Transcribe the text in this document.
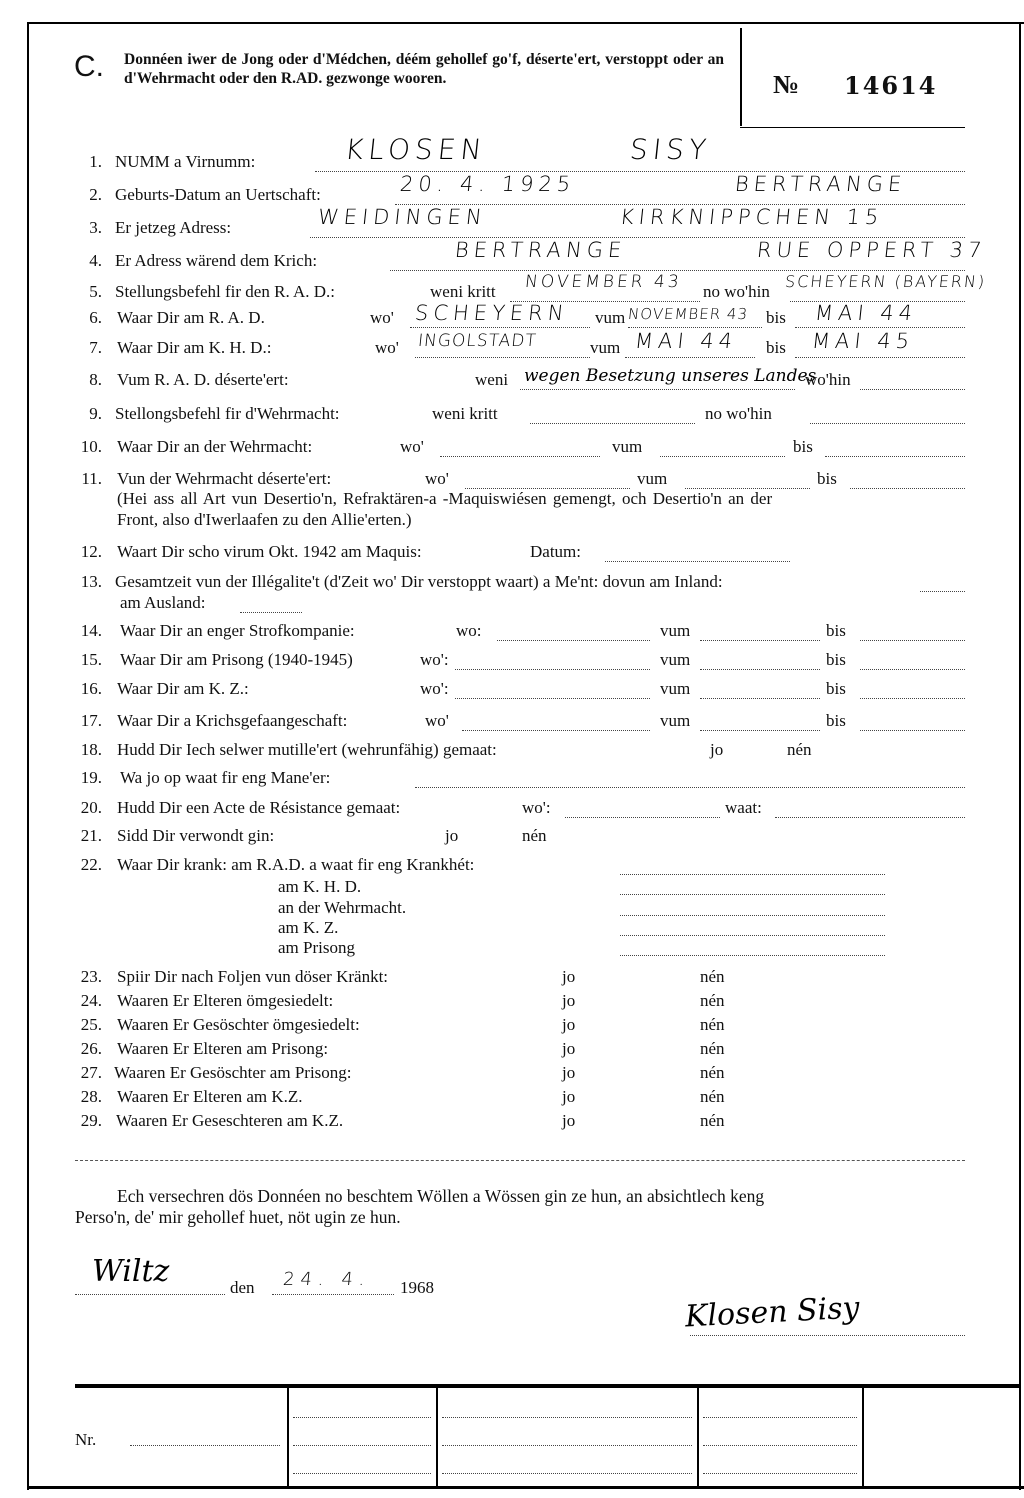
C. Donnéen iwer de Jong oder d'Médchen, déém gehollef go'f, déserte'ert, verstoppt oder an d'Wehrmacht oder den R.AD. gezwonge wooren.	№ 14614
1. NUMM a Virnumm:	KLOSEN	SISY
2. Geburts-Datum an Uertschaft:	20. 4. 1925	BERTRANGE
3. Er jetzeg Adress:	WEIDINGEN	KIRKNIPPCHEN 15
4. Er Adress wärend dem Krich:	BERTRANGE	RUE OPPERT 37
5. Stellungsbefehl fir den R. A. D.:	weni kritt NOVEMBER 43 no wo'hin
SCHEYERN (BAYERN)
6. Waar Dir am R. A. D.	wo' SCHEYERN vum NOVEMBER 43 bis MAI 44
7. Waar Dir am K. H. D.:	wo' INGOLSTADT	vum MAI 44 bis MAI 45
8. Vum R. A. D. déserte'ert:	weni wegen Besetzung unseres Landes
wo'hin
9. Stellongsbefehl fir d'Wehrmacht:	weni kritt	no wo'hin
10. Waar Dir an der Wehrmacht:	wo'	vum	bis
11. Vun der Wehrmacht déserte'ert:	wo'	vum	bis
(Hei ass all Art vun Desertio'n, Refraktären-a -Maquiswiésen gemengt, och Desertio'n an der
Front, also d'Iwerlaafen zu den Allie'erten.)
12. Waart Dir scho virum Okt. 1942 am Maquis:	Datum:
13. Gesamtzeit vun der Illégalite't (d'Zeit wo' Dir verstoppt waart) a Me'nt: dovun am Inland:
am Ausland:
14. Waar Dir an enger Strofkompanie:	wo:	vum	bis
15. Waar Dir am Prisong (1940-1945)	wo':	vum	bis
16. Waar Dir am K. Z.:	wo':	vum	bis
17. Waar Dir a Krichsgefaangeschaft:	wo'	vum	bis
18. Hudd Dir Iech selwer mutille'ert (wehrunfähig) gemaat:	jo	nén
19. Wa jo op waat fir eng Mane'er:
20. Hudd Dir een Acte de Résistance gemaat:	wo':	waat:
21. Sidd Dir verwondt gin:	jo	nén
22. Waar Dir krank: am R.A.D. a waat fir eng Krankhét:
am K. H. D.
an der Wehrmacht.
am K. Z.
am Prisong
23. Spiir Dir nach Foljen vun döser Kränkt:	jo	nén
24. Waaren Er Elteren ömgesiedelt:	jo	nén
25. Waaren Er Gesöschter ömgesiedelt:	jo	nén
26. Waaren Er Elteren am Prisong:	jo	nén
27. Waaren Er Gesöschter am Prisong:	jo	nén
28. Waaren Er Elteren am K.Z.	jo	nén
29. Waaren Er Geseschteren am K.Z.	jo	nén
Ech versechren dös Donnéen no beschtem Wöllen a Wössen gin ze hun, an absichtlech keng
Perso'n, de' mir gehollef huet, nöt ugin ze hun.
Wiltz	den 24. 4. 1968
Klosen Sisy
Nr.
